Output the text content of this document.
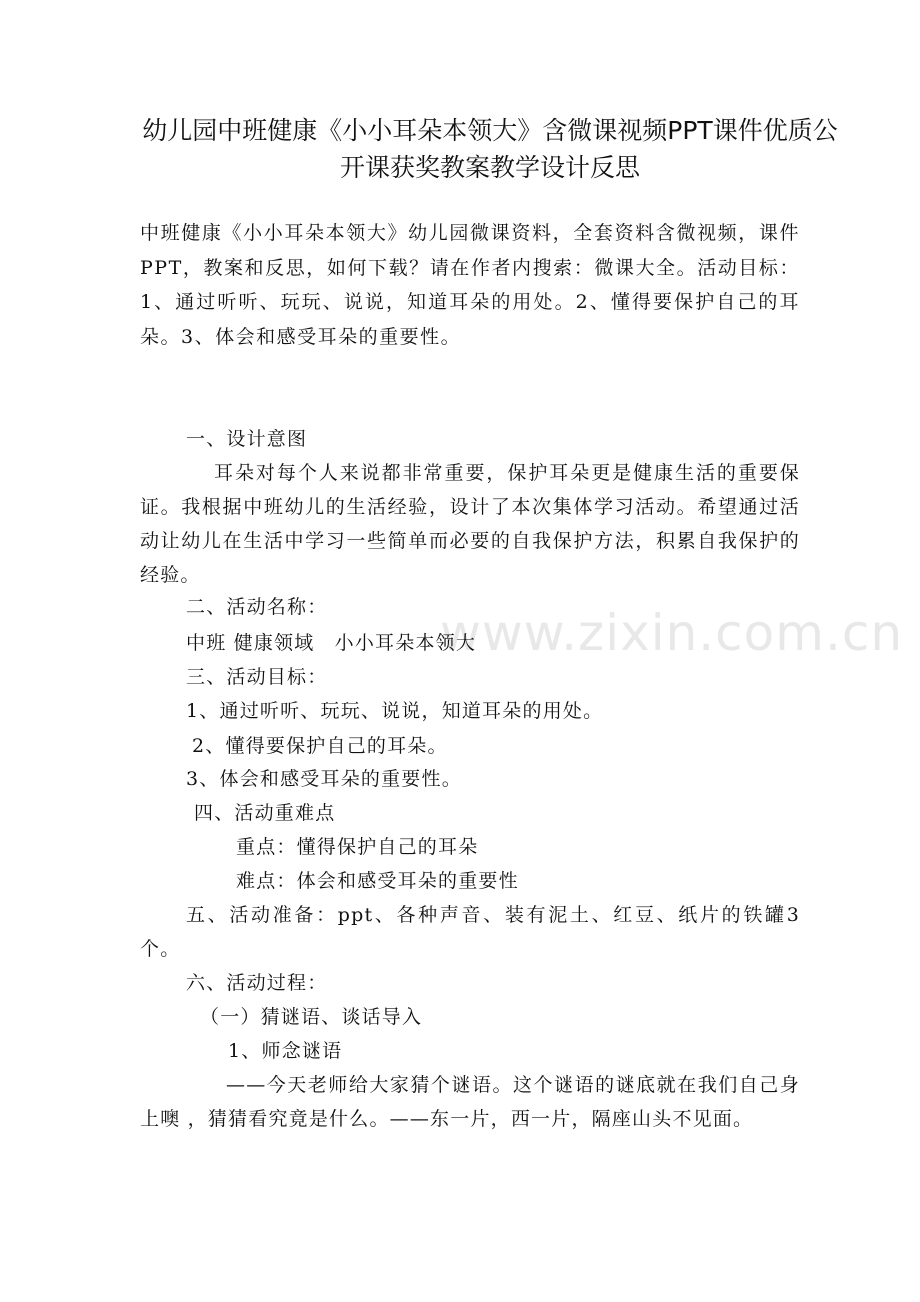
www.zixin.com.cn
幼儿园中班健康《小小耳朵本领大》含微课视频PPT课件优质公开课获奖教案教学设计反思
中班健康《小小耳朵本领大》幼儿园微课资料，全套资料含微视频，课件PPT，教案和反思，如何下载？请在作者内搜索：微课大全。活动目标：1、通过听听、玩玩、说说，知道耳朵的用处。2、懂得要保护自己的耳朵。3、体会和感受耳朵的重要性。
一、设计意图
耳朵对每个人来说都非常重要，保护耳朵更是健康生活的重要保证。我根据中班幼儿的生活经验，设计了本次集体学习活动。希望通过活动让幼儿在生活中学习一些简单而必要的自我保护方法，积累自我保护的经验。
二、活动名称：
中班 健康领域　小小耳朵本领大
三、活动目标：
1、通过听听、玩玩、说说，知道耳朵的用处。
2、懂得要保护自己的耳朵。
3、体会和感受耳朵的重要性。
四、活动重难点
重点：懂得保护自己的耳朵
难点：体会和感受耳朵的重要性
五、活动准备：ppt、各种声音、装有泥土、红豆、纸片的铁罐3个。
六、活动过程：
（一）猜谜语、谈话导入
1、师念谜语
——今天老师给大家猜个谜语。这个谜语的谜底就在我们自己身上噢 ，猜猜看究竟是什么。——东一片，西一片，隔座山头不见面。
